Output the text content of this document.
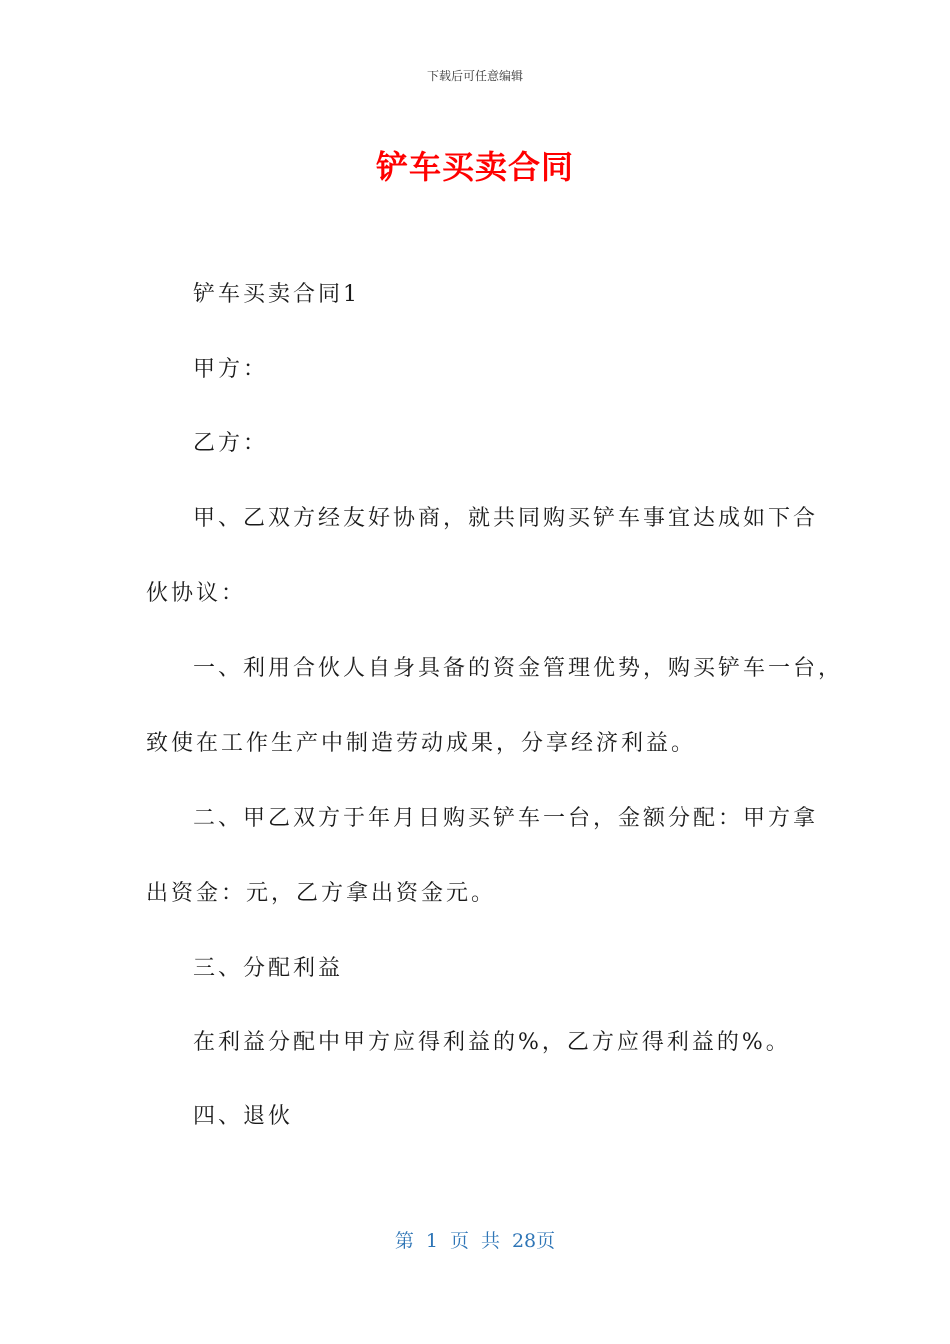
下载后可任意编辑
铲车买卖合同
铲车买卖合同1
甲方：
乙方：
甲、乙双方经友好协商，就共同购买铲车事宜达成如下合
伙协议：
一、利用合伙人自身具备的资金管理优势，购买铲车一台，
致使在工作生产中制造劳动成果，分享经济利益。
二、甲乙双方于年月日购买铲车一台，金额分配：甲方拿
出资金：元，乙方拿出资金元。
三、分配利益
在利益分配中甲方应得利益的%，乙方应得利益的%。
四、退伙
第 1 页 共 28页
